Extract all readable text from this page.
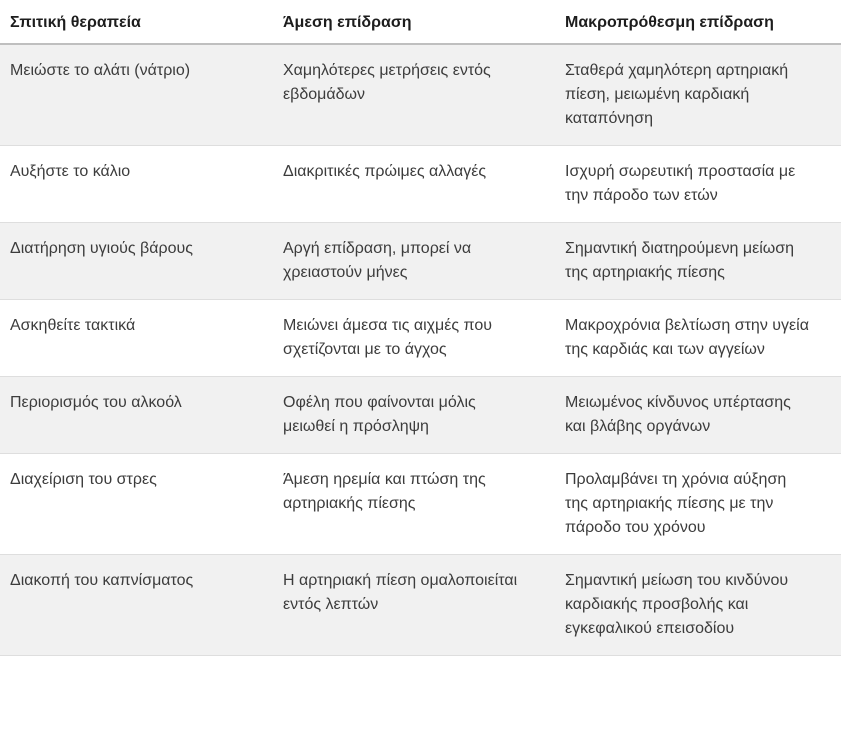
Σπιτική θεραπεία	Άμεση επίδραση	Μακροπρόθεσμη επίδραση
Μειώστε το αλάτι (νάτριο)	Χαμηλότερες μετρήσεις εντός εβδομάδων	Σταθερά χαμηλότερη αρτηριακή πίεση, μειωμένη καρδιακή καταπόνηση
Αυξήστε το κάλιο	Διακριτικές πρώιμες αλλαγές	Ισχυρή σωρευτική προστασία με την πάροδο των ετών
Διατήρηση υγιούς βάρους	Αργή επίδραση, μπορεί να χρειαστούν μήνες	Σημαντική διατηρούμενη μείωση της αρτηριακής πίεσης
Ασκηθείτε τακτικά	Μειώνει άμεσα τις αιχμές που σχετίζονται με το άγχος	Μακροχρόνια βελτίωση στην υγεία της καρδιάς και των αγγείων
Περιορισμός του αλκοόλ	Οφέλη που φαίνονται μόλις μειωθεί η πρόσληψη	Μειωμένος κίνδυνος υπέρτασης και βλάβης οργάνων
Διαχείριση του στρες	Άμεση ηρεμία και πτώση της αρτηριακής πίεσης	Προλαμβάνει τη χρόνια αύξηση της αρτηριακής πίεσης με την πάροδο του χρόνου
Διακοπή του καπνίσματος	Η αρτηριακή πίεση ομαλοποιείται εντός λεπτών	Σημαντική μείωση του κινδύνου καρδιακής προσβολής και εγκεφαλικού επεισοδίου
